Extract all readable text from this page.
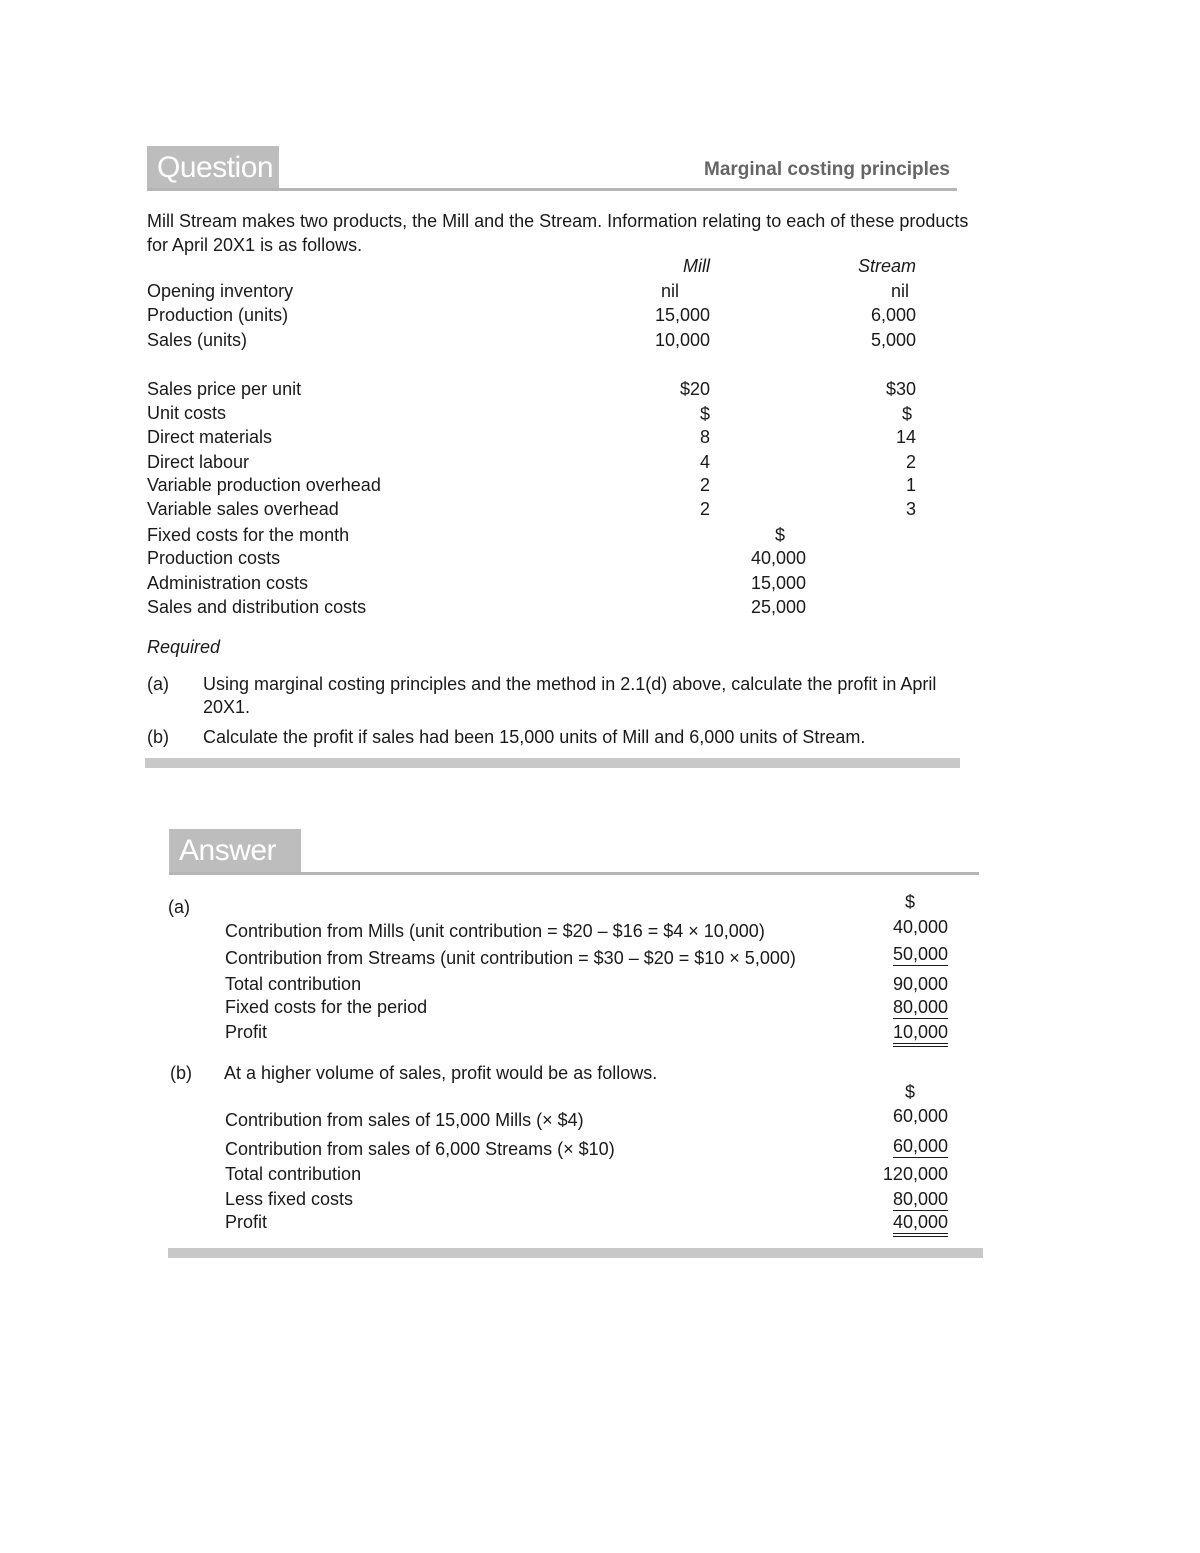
Question	Marginal costing principles
Mill Stream makes two products, the Mill and the Stream. Information relating to each of these products
for April 20X1 is as follows.
Mill	Stream
Opening inventory	nil	nil
Production (units)	15,000	6,000
Sales (units)	10,000	5,000
Sales price per unit	$20	$30
Unit costs	$	$
Direct materials	8	14
Direct labour	4	2
Variable production overhead	2	1
Variable sales overhead	2	3
Fixed costs for the month	$
Production costs	40,000
Administration costs	15,000
Sales and distribution costs	25,000
Required
(a) Using marginal costing principles and the method in 2.1(d) above, calculate the profit in April
20X1.
(b) Calculate the profit if sales had been 15,000 units of Mill and 6,000 units of Stream.
Answer
(a)	$
Contribution from Mills (unit contribution = $20 – $16 = $4 × 10,000)	40,000
Contribution from Streams (unit contribution = $30 – $20 = $10 × 5,000)	50,000
Total contribution	90,000
Fixed costs for the period	80,000
Profit	10,000
(b) At a higher volume of sales, profit would be as follows.
$
Contribution from sales of 15,000 Mills (× $4)	60,000
Contribution from sales of 6,000 Streams (× $10)	60,000
Total contribution	120,000
Less fixed costs	80,000
Profit	40,000
